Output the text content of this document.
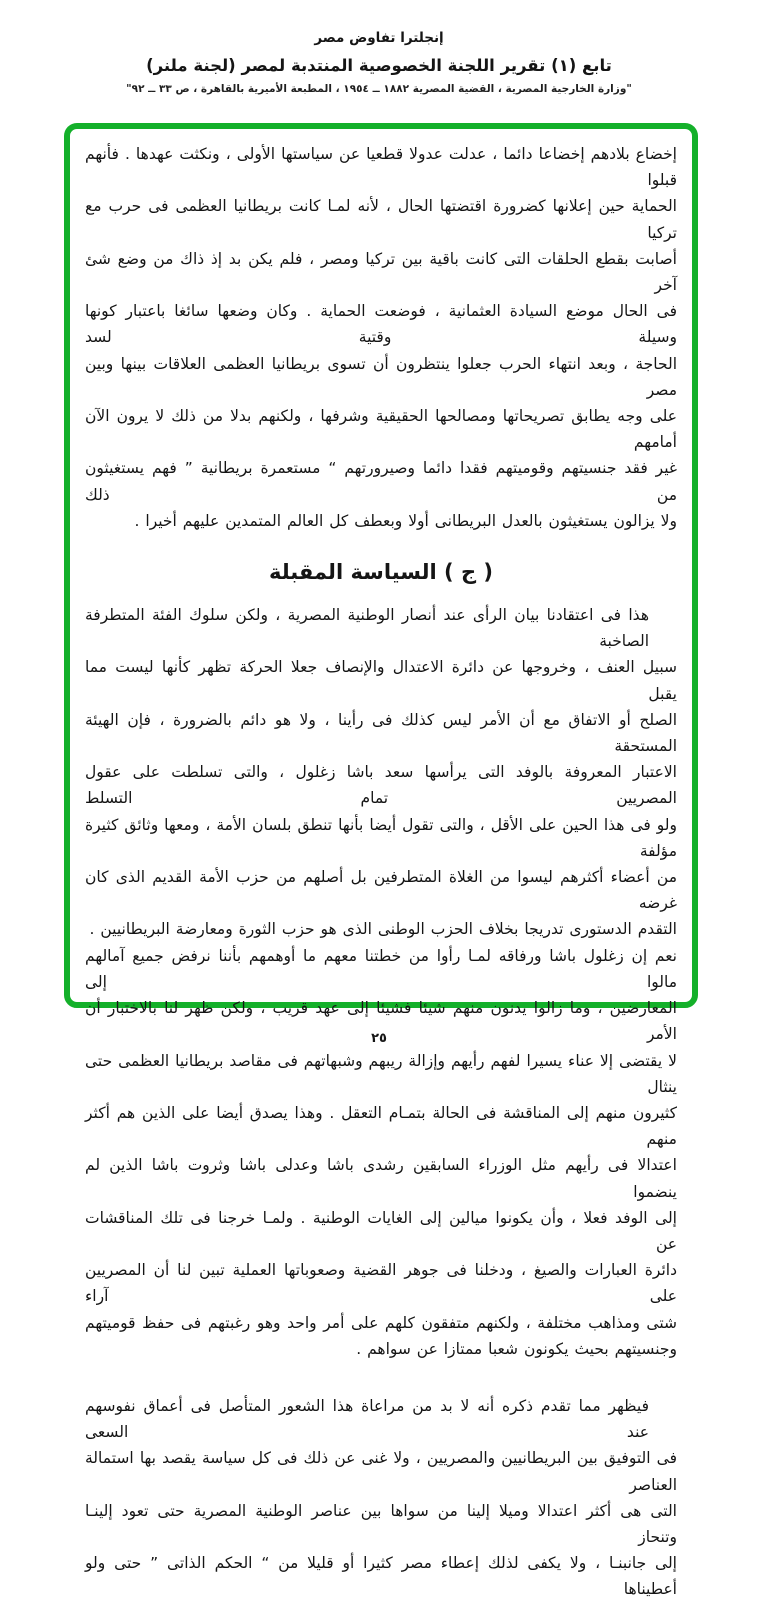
إنجلترا تفاوض مصر
تابع (١) تقرير اللجنة الخصوصية المنتدبة لمصر (لجنة ملنر)
"وزارة الخارجية المصرية ، القضية المصرية ١٨٨٢ ــ ١٩٥٤ ، المطبعة الأميرية بالقاهرة ، ص ٣٣ ــ ٩٢"
إخضاع بلادهم إخضاعا دائما ، عدلت عدولا قطعيا عن سياستها الأولى ، ونكثت عهدها . فأنهم قبلوا
الحماية حين إعلانها كضرورة اقتضتها الحال ، لأنه لمـا كانت بريطانيا العظمى فى حرب مع تركيا
أصابت بقطع الحلقات التى كانت باقية بين تركيا ومصر ، فلم يكن بد إذ ذاك من وضع شئ آخر
فى الحال موضع السيادة العثمانية ، فوضعت الحماية . وكان وضعها سائغا باعتبار كونها وسيلة وقتية لسد
الحاجة ، وبعد انتهاء الحرب جعلوا ينتظرون أن تسوى بريطانيا العظمى العلاقات بينها وبين مصر
على وجه يطابق تصريحاتها ومصالحها الحقيقية وشرفها ، ولكنهم بدلا من ذلك لا يرون الآن أمامهم
غير فقد جنسيتهم وقوميتهم فقدا دائما وصيرورتهم “ مستعمرة بريطانية ” فهم يستغيثون من ذلك
ولا يزالون يستغيثون بالعدل البريطانى أولا وبعطف كل العالم المتمدين عليهم أخيرا .
( ج ) السياسة المقبلة
هذا فى اعتقادنا بيان الرأى عند أنصار الوطنية المصرية ، ولكن سلوك الفئة المتطرفة الصاخبة
سبيل العنف ، وخروجها عن دائرة الاعتدال والإنصاف جعلا الحركة تظهر كأنها ليست مما يقبل
الصلح أو الاتفاق مع أن الأمر ليس كذلك فى رأينا ، ولا هو دائم بالضرورة ، فإن الهيئة المستحقة
الاعتبار المعروفة بالوفد التى يرأسها سعد باشا زغلول ، والتى تسلطت على عقول المصريين تمام التسلط
ولو فى هذا الحين على الأقل ، والتى تقول أيضا بأنها تنطق بلسان الأمة ، ومعها وثائق كثيرة مؤلفة
من أعضاء أكثرهم ليسوا من الغلاة المتطرفين بل أصلهم من حزب الأمة القديم الذى كان غرضه
التقدم الدستورى تدريجا بخلاف الحزب الوطنى الذى هو حزب الثورة ومعارضة البريطانيين .
نعم إن زغلول باشا ورفاقه لمـا رأوا من خطتنا معهم ما أوهمهم بأننا نرفض جميع آمالهم مالوا إلى
المعارضين ، وما زالوا يدنون منهم شيئا فشيئا إلى عهد قريب ، ولكن ظهر لنا بالاختبار أن الأمر
لا يقتضى إلا عناء يسيرا لفهم رأيهم وإزالة ريبهم وشبهاتهم فى مقاصد بريطانيا العظمى حتى ينثال
كثيرون منهم إلى المناقشة فى الحالة بتمـام التعقل . وهذا يصدق أيضا على الذين هم أكثر منهم
اعتدالا فى رأيهم مثل الوزراء السابقين رشدى باشا وعدلى باشا وثروت باشا الذين لم ينضموا
إلى الوفد فعلا ، وأن يكونوا ميالين إلى الغايات الوطنية . ولمـا خرجنا فى تلك المناقشات عن
دائرة العبارات والصيغ ، ودخلنا فى جوهر القضية وصعوباتها العملية تبين لنا أن المصريين على آراء
شتى ومذاهب مختلفة ، ولكنهم متفقون كلهم على أمر واحد وهو رغبتهم فى حفظ قوميتهم
وجنسيتهم بحيث يكونون شعبا ممتازا عن سواهم .
فيظهر مما تقدم ذكره أنه لا بد من مراعاة هذا الشعور المتأصل فى أعماق نفوسهم عند السعى
فى التوفيق بين البريطانيين والمصريين ، ولا غنى عن ذلك فى كل سياسة يقصد بها استمالة العناصر
التى هى أكثر اعتدالا وميلا إلينا من سواها بين عناصر الوطنية المصرية حتى تعود إلينـا وتنحاز
إلى جانبنـا ، ولا يكفى لذلك إعطاء مصر كثيرا أو قليلا من “ الحكم الذاتى ” حتى ولو أعطيناها
٢٥
